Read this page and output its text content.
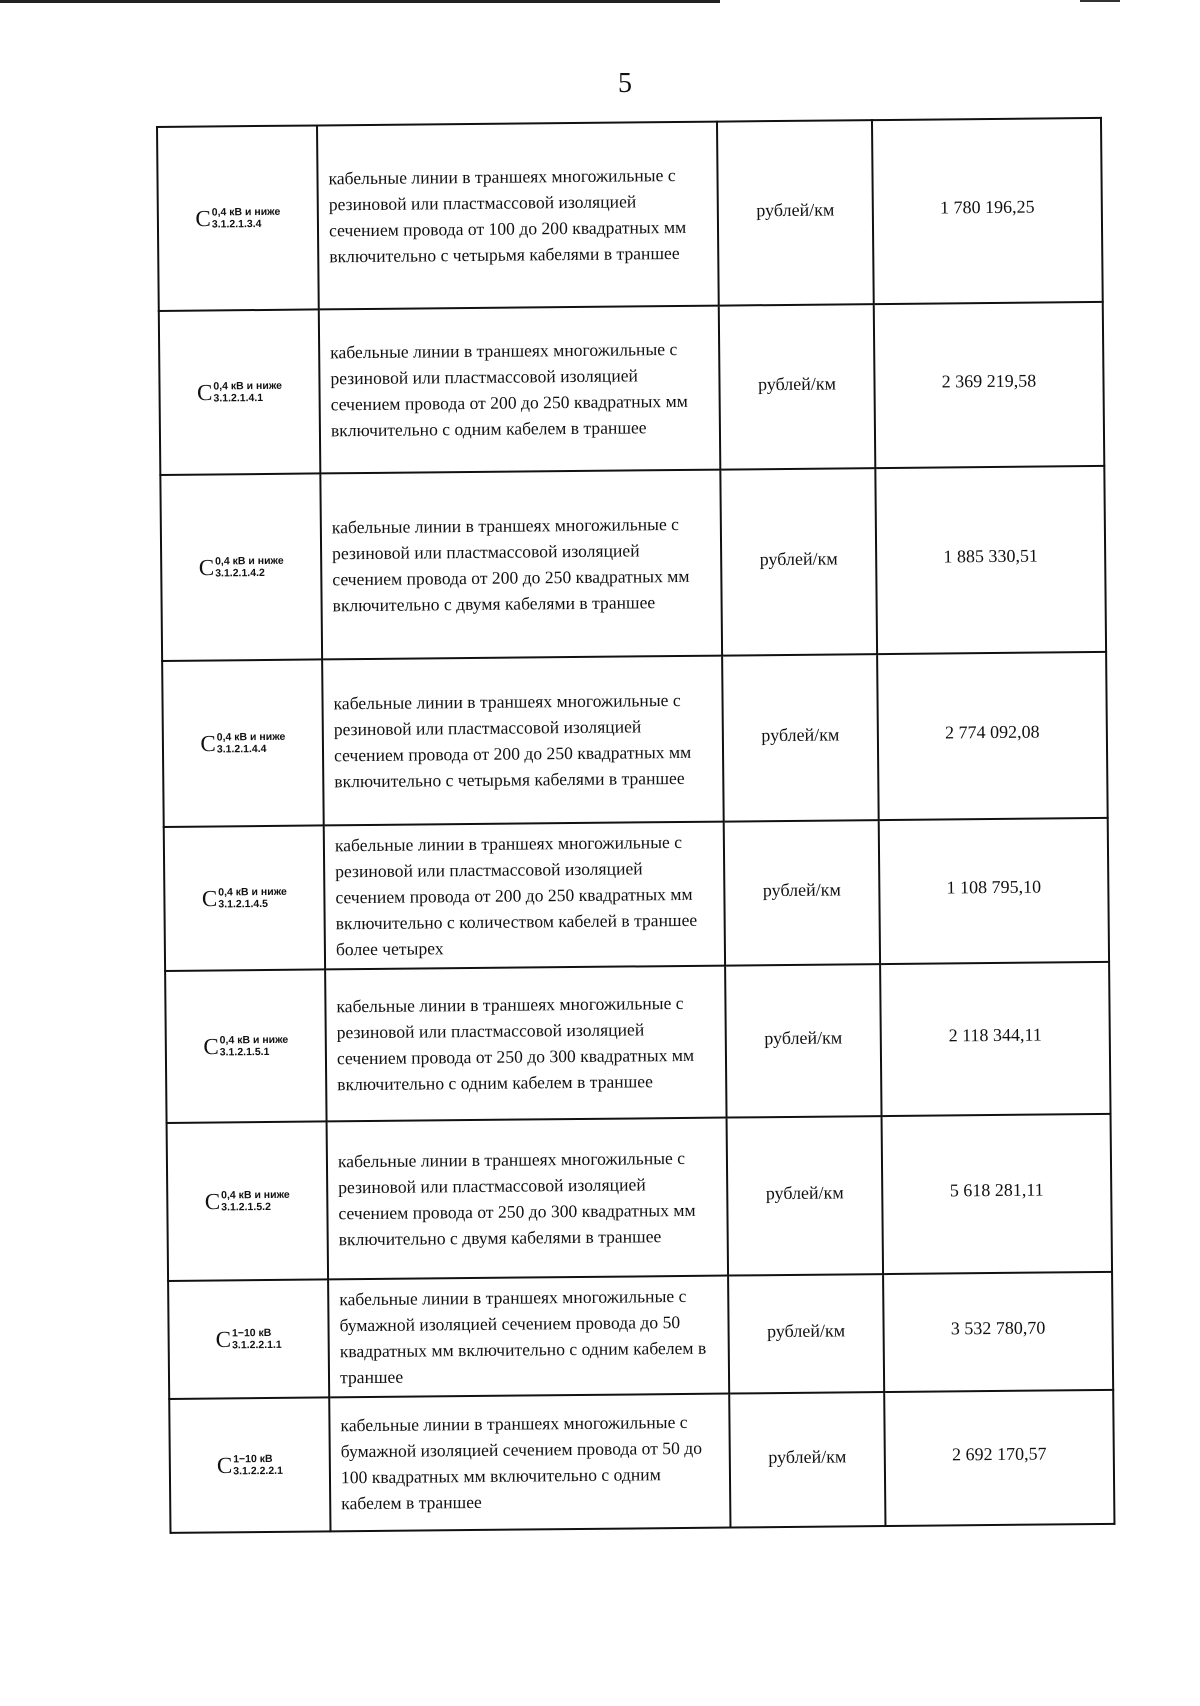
5
C 0,4 кВ и ниже
3.1.2.1.3.4	кабельные линии в траншеях многожильные с резиновой или пластмассовой изоляцией сечением провода от 100 до 200 квадратных мм включительно с четырьмя кабелями в траншее	рублей/км	1 780 196,25
C 0,4 кВ и ниже
3.1.2.1.4.1	кабельные линии в траншеях многожильные с резиновой или пластмассовой изоляцией сечением провода от 200 до 250 квадратных мм включительно с одним кабелем в траншее	рублей/км	2 369 219,58
C 0,4 кВ и ниже
3.1.2.1.4.2	кабельные линии в траншеях многожильные с резиновой или пластмассовой изоляцией сечением провода от 200 до 250 квадратных мм включительно с двумя кабелями в траншее	рублей/км	1 885 330,51
C 0,4 кВ и ниже
3.1.2.1.4.4	кабельные линии в траншеях многожильные с резиновой или пластмассовой изоляцией сечением провода от 200 до 250 квадратных мм включительно с четырьмя кабелями в траншее	рублей/км	2 774 092,08
C 0,4 кВ и ниже
3.1.2.1.4.5	кабельные линии в траншеях многожильные с резиновой или пластмассовой изоляцией сечением провода от 200 до 250 квадратных мм включительно с количеством кабелей в траншее более четырех	рублей/км	1 108 795,10
C 0,4 кВ и ниже
3.1.2.1.5.1	кабельные линии в траншеях многожильные с резиновой или пластмассовой изоляцией сечением провода от 250 до 300 квадратных мм включительно с одним кабелем в траншее	рублей/км	2 118 344,11
C 0,4 кВ и ниже
3.1.2.1.5.2	кабельные линии в траншеях многожильные с резиновой или пластмассовой изоляцией сечением провода от 250 до 300 квадратных мм включительно с двумя кабелями в траншее	рублей/км	5 618 281,11
C 1−10 кВ
3.1.2.2.1.1	кабельные линии в траншеях многожильные с бумажной изоляцией сечением провода до 50 квадратных мм включительно с одним кабелем в траншее	рублей/км	3 532 780,70
C 1−10 кВ
3.1.2.2.2.1	кабельные линии в траншеях многожильные с бумажной изоляцией сечением провода от 50 до 100 квадратных мм включительно с одним кабелем в траншее	рублей/км	2 692 170,57
